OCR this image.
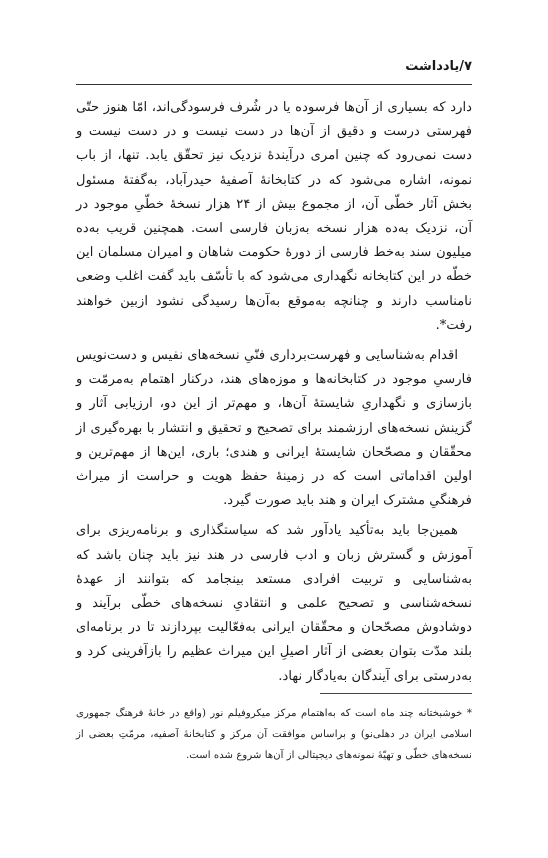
۷/یادداشت

دارد که بسیاری از آن‌ها فرسوده یا در شُرف فرسودگی‌اند، امّا هنوز حتّی فهرستی درست و دقیق از آن‌ها در دست نیست و در دست نیست و دست‌ نمی‌رود که چنین امری درآیندهٔ نزدیک نیز تحقّق یابد. تنها، از باب نمونه، اشاره می‌شود که در کتابخانهٔ آصفیهٔ حیدرآباد، به‌گفتهٔ مسئول بخش آثار خطّی آن، از مجموع بیش از ۲۴ هزار نسخهٔ خطّیِ موجود در آن، نزدیک به‌ده هزار نسخه به‌زبان فارسی است. همچنین قریب به‌ده میلیون سند به‌خط فارسی از دورهٔ حکومت شاهان و امیران مسلمان این خطّه در این کتابخانه نگهداری می‌شود که با تأسّف باید گفت اغلب وضعی نامناسب دارند و چنانچه به‌موقع به‌آن‌ها رسیدگی نشود ازبین خواهند رفت*.

اقدام به‌شناسایی و فهرست‌برداری فنّیِ نسخه‌های نفیس و دست‌نویس فارسیِ موجود در کتابخانه‌ها و موزه‌های هند، درکنار اهتمام به‌مرمّت و بازسازی و نگهداریِ شایستهٔ آن‌ها، و مهم‌تر از این دو، ارزیابی آثار و گزینش نسخه‌های ارزشمند برای تصحیح و تحقیق و انتشار با بهره‌گیری از محقّقان و مصحّحان شایستهٔ ایرانی و هندی؛ باری، این‌ها از مهم‌ترین و اولین اقداماتی است که در زمینهٔ حفظ هویت و حراست از میراث فرهنگیِ مشترک ایران و هند باید صورت گیرد.

همین‌جا باید به‌تأکید یادآور شد که سیاستگذاری و برنامه‌ریزی برای آموزش و گسترش زبان و ادب فارسی در هند نیز باید چنان باشد که به‌شناسایی و تربیت افرادی مستعد بینجامد که بتوانند از عهدهٔ نسخه‌شناسی و تصحیح علمی و انتقادیِ نسخه‌های خطّی برآیند و دوشادوش مصحّحان و محقّقان ایرانی به‌فعّالیت بپردازند تا در برنامه‌ای بلند مدّت بتوان بعضی از آثار اصیلِ این میراث عظیم را بازآفرینی کرد و به‌درستی برای آیندگان به‌یادگار نهاد.

* خوشبختانه چند ماه است که به‌اهتمام مرکز میکروفیلم نور (واقع در خانهٔ فرهنگ جمهوری اسلامی ایران در دهلی‌نو) و براساس موافقت آن مرکز و کتابخانهٔ آصفیه، مرمّتِ بعضی از نسخه‌های خطّی و تهیّهٔ نمونه‌های دیجیتالی از آن‌ها شروع شده است.
